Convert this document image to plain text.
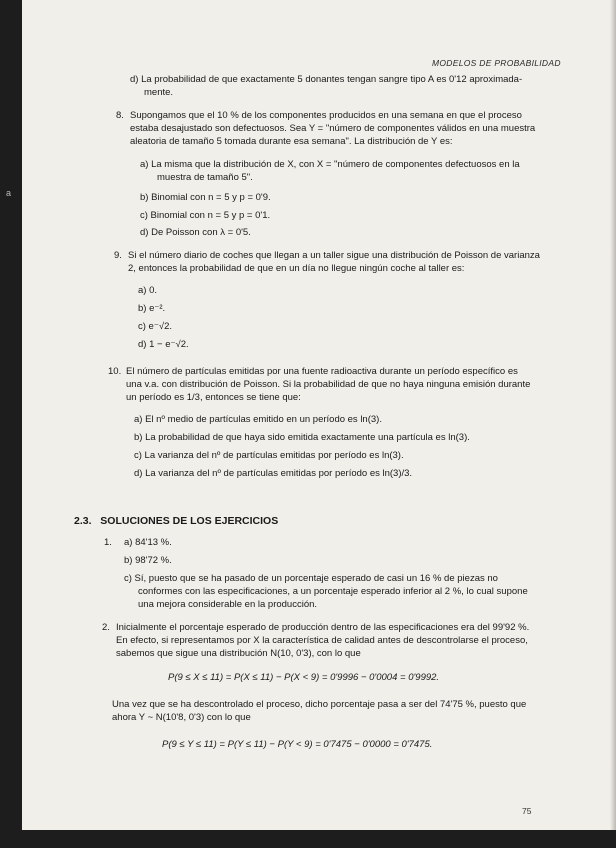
a
MODELOS DE PROBABILIDAD
d) La probabilidad de que exactamente 5 donantes tengan sangre tipo A es 0'12 aproximada-
mente.
8. Supongamos que el 10 % de los componentes producidos en una semana en que el proceso
estaba desajustado son defectuosos. Sea Y = "número de componentes válidos en una muestra
aleatoria de tamaño 5 tomada durante esa semana". La distribución de Y es:
a) La misma que la distribución de X, con X = "número de componentes defectuosos en la
muestra de tamaño 5".
b) Binomial con n = 5 y p = 0'9.
c) Binomial con n = 5 y p = 0'1.
d) De Poisson con λ = 0'5.
9. Si el número diario de coches que llegan a un taller sigue una distribución de Poisson de varianza
2, entonces la probabilidad de que en un día no llegue ningún coche al taller es:
a) 0.
b) e⁻².
c) e⁻√2.
d) 1 − e⁻√2.
10. El número de partículas emitidas por una fuente radioactiva durante un período específico es
una v.a. con distribución de Poisson. Si la probabilidad de que no haya ninguna emisión durante
un período es 1/3, entonces se tiene que:
a) El nº medio de partículas emitido en un período es ln(3).
b) La probabilidad de que haya sido emitida exactamente una partícula es ln(3).
c) La varianza del nº de partículas emitidas por período es ln(3).
d) La varianza del nº de partículas emitidas por período es ln(3)/3.
2.3. SOLUCIONES DE LOS EJERCICIOS
1. a) 84'13 %.
b) 98'72 %.
c) Sí, puesto que se ha pasado de un porcentaje esperado de casi un 16 % de piezas no
conformes con las especificaciones, a un porcentaje esperado inferior al 2 %, lo cual supone
una mejora considerable en la producción.
2. Inicialmente el porcentaje esperado de producción dentro de las especificaciones era del 99'92 %.
En efecto, si representamos por X la característica de calidad antes de descontrolarse el proceso,
sabemos que sigue una distribución N(10, 0'3), con lo que
P(9 ≤ X ≤ 11) = P(X ≤ 11) − P(X < 9) = 0'9996 − 0'0004 = 0'9992.
Una vez que se ha descontrolado el proceso, dicho porcentaje pasa a ser del 74'75 %, puesto que
ahora Y ~ N(10'8, 0'3) con lo que
P(9 ≤ Y ≤ 11) = P(Y ≤ 11) − P(Y < 9) = 0'7475 − 0'0000 = 0'7475.
75
